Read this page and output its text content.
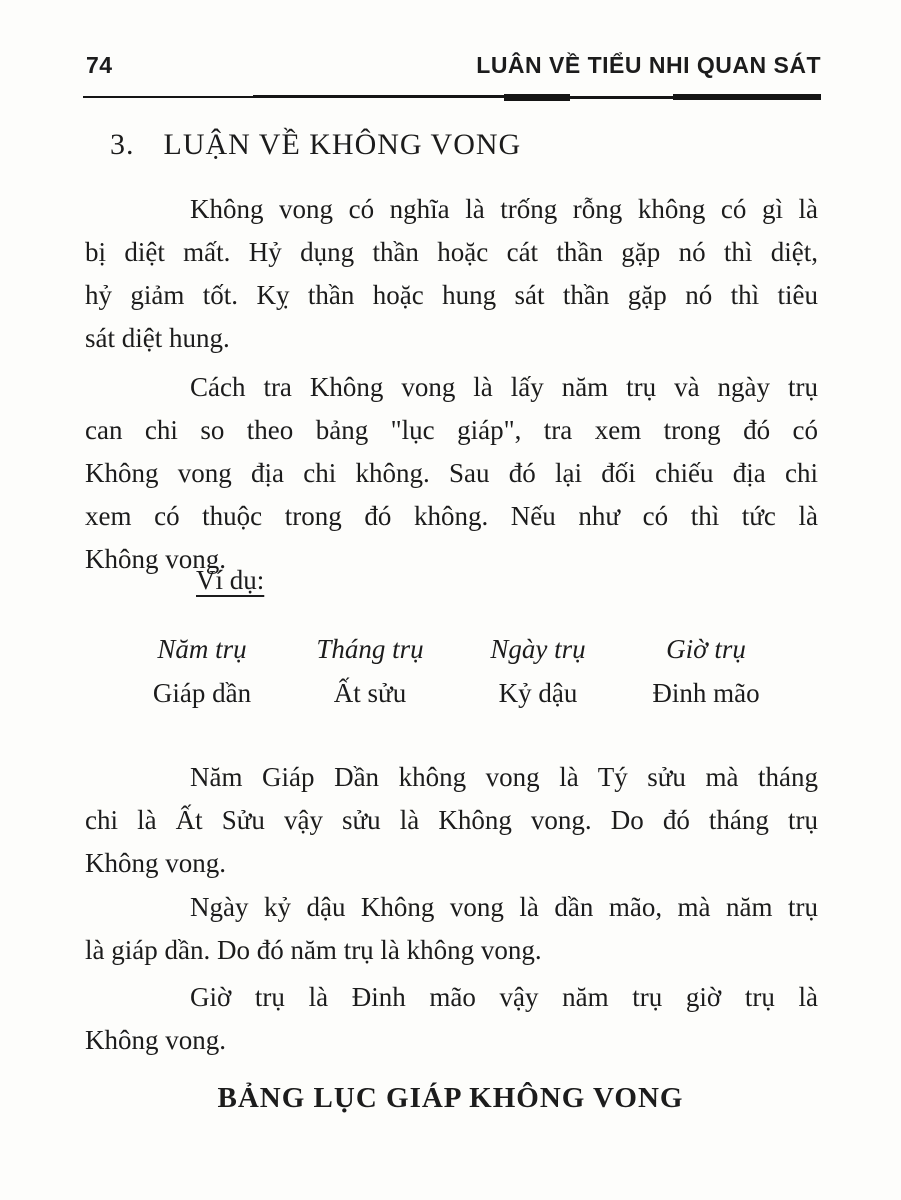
74	LUÂN VỀ TIỂU NHI QUAN SÁT
3. LUẬN VỀ KHÔNG VONG
Không vong có nghĩa là trống rỗng không có gì là
bị diệt mất. Hỷ dụng thần hoặc cát thần gặp nó thì diệt,
hỷ giảm tốt. Kỵ thần hoặc hung sát thần gặp nó thì tiêu
sát diệt hung.
Cách tra Không vong là lấy năm trụ và ngày trụ
can chi so theo bảng "lục giáp", tra xem trong đó có
Không vong địa chi không. Sau đó lại đối chiếu địa chi
xem có thuộc trong đó không. Nếu như có thì tức là
Không vong.
Ví dụ:
Năm trụ	Tháng trụ	Ngày trụ	Giờ trụ
Giáp dần	Ất sửu	Kỷ dậu	Đinh mão
Năm Giáp Dần không vong là Tý sửu mà tháng
chi là Ất Sửu vậy sửu là Không vong. Do đó tháng trụ
Không vong.
Ngày kỷ dậu Không vong là dần mão, mà năm trụ
là giáp dần. Do đó năm trụ là không vong.
Giờ trụ là Đinh mão vậy năm trụ giờ trụ là
Không vong.
BẢNG LỤC GIÁP KHÔNG VONG
